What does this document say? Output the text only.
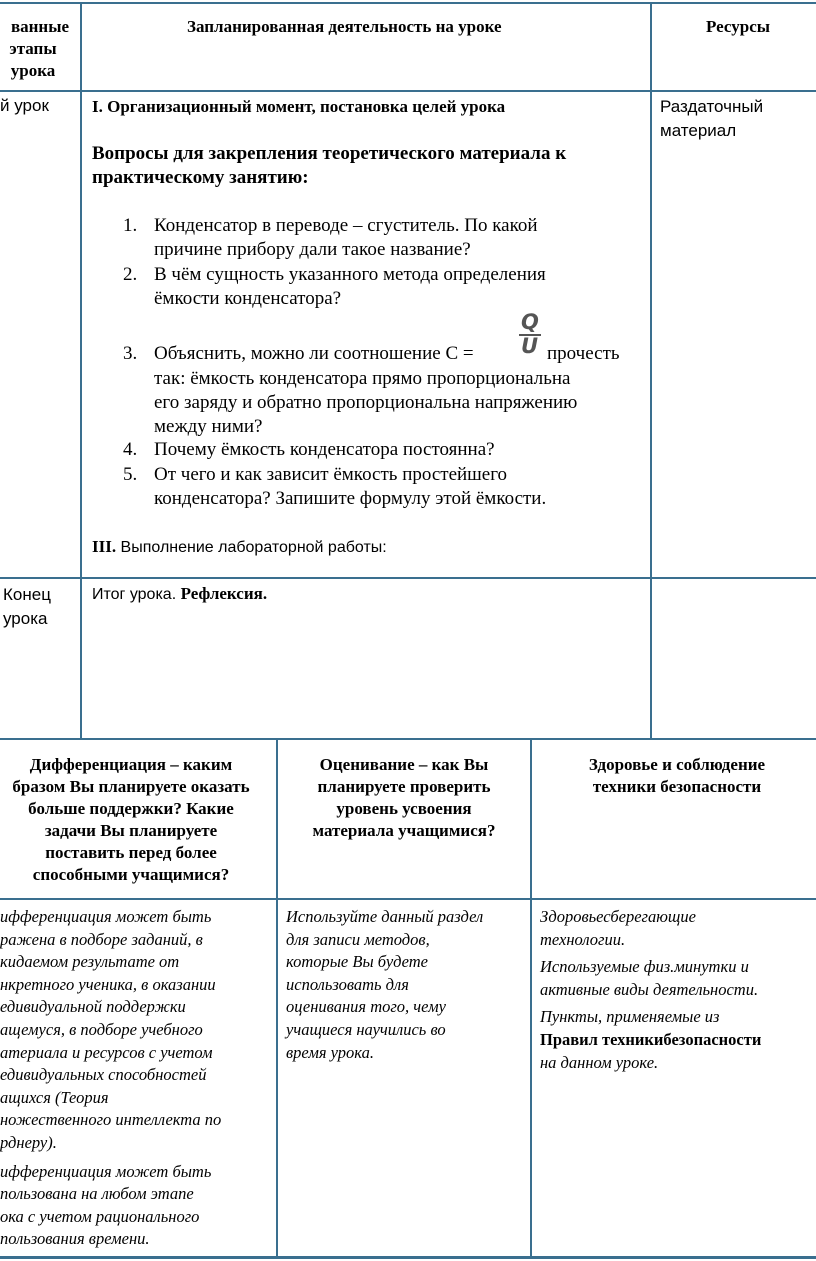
ванные
этапы
урока
Запланированная деятельность на уроке	Ресурсы
й урок	I. Организационный момент, постановка целей урока
Вопросы для закрепления теоретического материала к
практическому занятию:
1. Конденсатор в переводе – сгуститель. По какой
причине прибору дали такое название?
2. В чём сущность указанного метода определения
ёмкости конденсатора?
3. Объяснить, можно ли соотношение С =
Q
U прочесть
так: ёмкость конденсатора прямо пропорциональна
его заряду и обратно пропорциональна напряжению
между ними?
4. Почему ёмкость конденсатора постоянна?
5. От чего и как зависит ёмкость простейшего
конденсатора? Запишите формулу этой ёмкости.
III. Выполнение лабораторной работы:
Раздаточный
материал
Конец
урока
Итог урока. Рефлексия.
Дифференциация – каким
бразом Вы планируете оказать
больше поддержки? Какие
задачи Вы планируете
поставить перед более
способными учащимися?
Оценивание – как Вы
планируете проверить
уровень усвоения
материала учащимися?
Здоровье и соблюдение
техники безопасности
ифференциация может быть
ражена в подборе заданий, в
кидаемом результате от
нкретного ученика, в оказании
едивидуальной поддержки
ащемуся, в подборе учебного
атериала и ресурсов с учетом
едивидуальных способностей
ащихся (Теория
ножественного интеллекта по
рднеру).
ифференциация может быть
пользована на любом этапе
ока с учетом рационального
пользования времени.
Используйте данный раздел
для записи методов,
которые Вы будете
использовать для
оценивания того, чему
учащиеся научились во
время урока.
Здоровьесберегающие
технологии.
Используемые физ.минутки и
активные виды деятельности.
Пункты, применяемые из
Правил техникибезопасности
на данном уроке.
